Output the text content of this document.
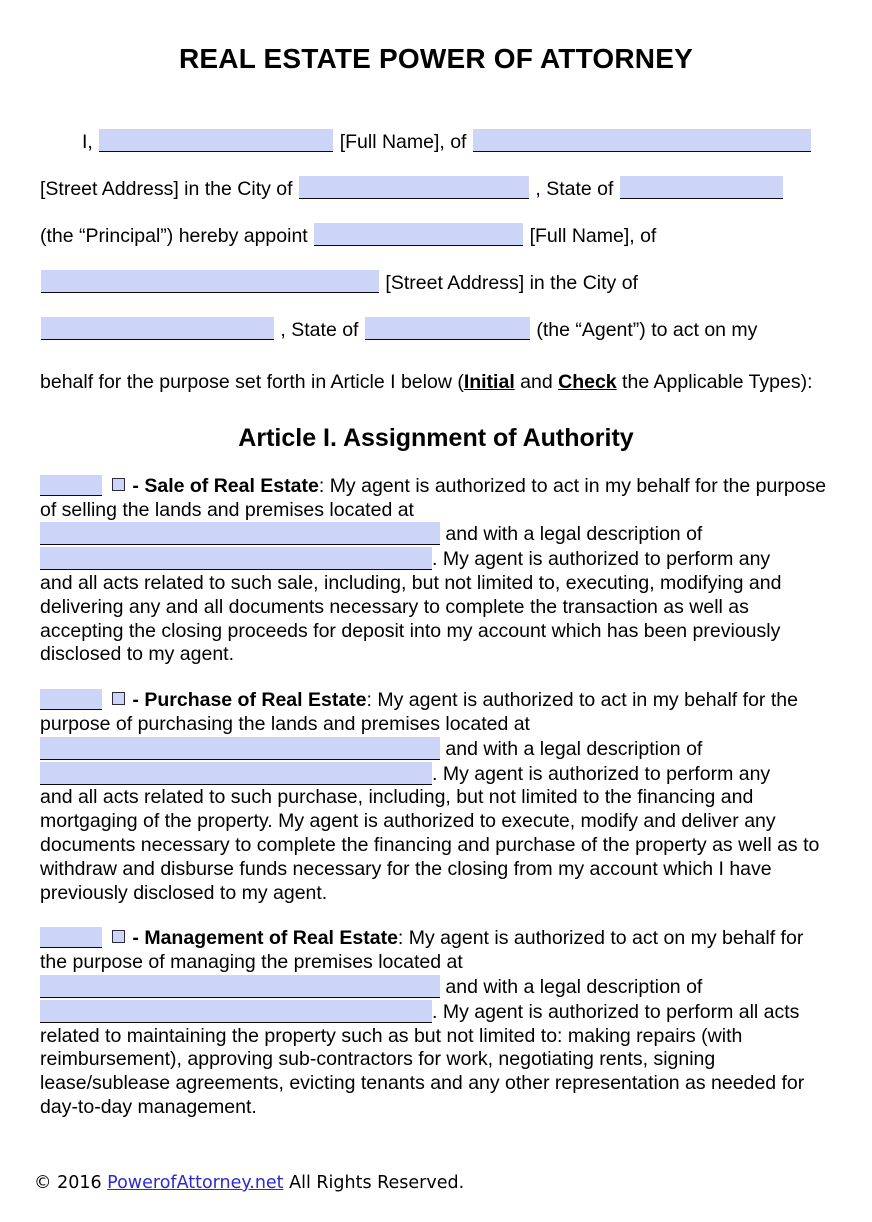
REAL ESTATE POWER OF ATTORNEY
I,	[Full Name], of
[Street Address] in the City of	, State of
(the “Principal”) hereby appoint	[Full Name], of
[Street Address] in the City of
, State of	(the “Agent”) to act on my
behalf for the purpose set forth in Article I below (Initial and Check the Applicable Types):
Article I. Assignment of Authority

- Sale of Real Estate: My agent is authorized to act in my behalf for the purpose of selling the lands and premises located at

and with a legal description of

. My agent is authorized to perform any

and all acts related to such sale, including, but not limited to, executing, modifying and delivering any and all documents necessary to complete the transaction as well as accepting the closing proceeds for deposit into my account which has been previously disclosed to my agent.

- Purchase of Real Estate: My agent is authorized to act in my behalf for the purpose of purchasing the lands and premises located at

and with a legal description of

. My agent is authorized to perform any

and all acts related to such purchase, including, but not limited to the financing and mortgaging of the property. My agent is authorized to execute, modify and deliver any documents necessary to complete the financing and purchase of the property as well as to withdraw and disburse funds necessary for the closing from my account which I have previously disclosed to my agent.

- Management of Real Estate: My agent is authorized to act on my behalf for the purpose of managing the premises located at

and with a legal description of

. My agent is authorized to perform all acts

related to maintaining the property such as but not limited to: making repairs (with reimbursement), approving sub-contractors for work, negotiating rents, signing lease/sublease agreements, evicting tenants and any other representation as needed for day-to-day management.

© 2016 PowerofAttorney.net All Rights Reserved.
